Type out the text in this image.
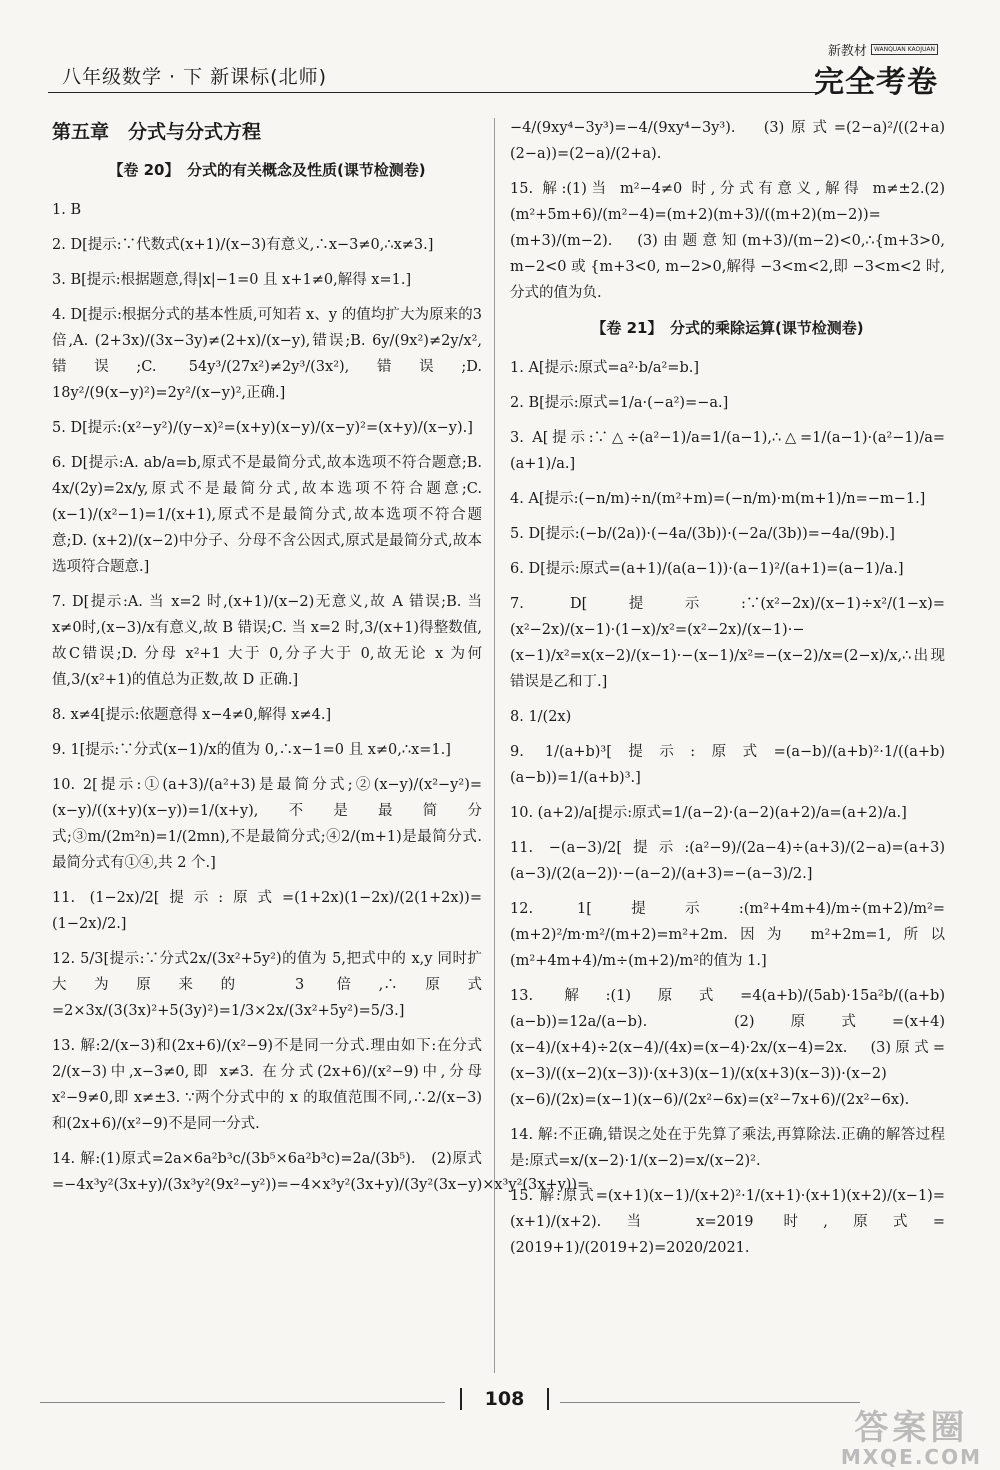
八年级数学 · 下 新课标(北师)
新教材	WANQUAN KAOJUAN
完全考卷
第五章　分式与分式方程
【卷 20】　分式的有关概念及性质(课节检测卷)
1. B
2. D[提示:∵代数式(x+1)/(x−3)有意义,∴x−3≠0,∴x≠3.]
3. B[提示:根据题意,得|x|−1=0 且 x+1≠0,解得 x=1.]
4. D[提示:根据分式的基本性质,可知若 x、y 的值均扩大为原来的3倍,A. (2+3x)/(3x−3y)≠(2+x)/(x−y),错误;B. 6y/(9x²)≠2y/x²,错误;C. 54y³/(27x²)≠2y³/(3x²),错误;D. 18y²/(9(x−y)²)=2y²/(x−y)²,正确.]
5. D[提示:(x²−y²)/(y−x)²=(x+y)(x−y)/(x−y)²=(x+y)/(x−y).]
6. D[提示:A. ab/a=b,原式不是最简分式,故本选项不符合题意;B. 4x/(2y)=2x/y,原式不是最简分式,故本选项不符合题意;C. (x−1)/(x²−1)=1/(x+1),原式不是最简分式,故本选项不符合题意;D. (x+2)/(x−2)中分子、分母不含公因式,原式是最简分式,故本选项符合题意.]
7. D[提示:A. 当 x=2 时,(x+1)/(x−2)无意义,故 A 错误;B. 当 x≠0时,(x−3)/x有意义,故 B 错误;C. 当 x=2 时,3/(x+1)得整数值,故C错误;D. 分母 x²+1 大于 0,分子大于 0,故无论 x 为何值,3/(x²+1)的值总为正数,故 D 正确.]
8. x≠4[提示:依题意得 x−4≠0,解得 x≠4.]
9. 1[提示:∵分式(x−1)/x的值为 0,∴x−1=0 且 x≠0,∴x=1.]
10. 2[提示:①(a+3)/(a²+3)是最简分式;②(x−y)/(x²−y²)=(x−y)/((x+y)(x−y))=1/(x+y),不是最简分式;③m/(2m²n)=1/(2mn),不是最简分式;④2/(m+1)是最简分式.最简分式有①④,共 2 个.]
11. (1−2x)/2[提示:原式=(1+2x)(1−2x)/(2(1+2x))=(1−2x)/2.]
12. 5/3[提示:∵分式2x/(3x²+5y²)的值为 5,把式中的 x,y 同时扩大为原来的 3 倍,∴原式=2×3x/(3(3x)²+5(3y)²)=1/3×2x/(3x²+5y²)=5/3.]
13. 解:2/(x−3)和(2x+6)/(x²−9)不是同一分式.理由如下:在分式2/(x−3)中,x−3≠0,即 x≠3. 在分式(2x+6)/(x²−9)中,分母 x²−9≠0,即 x≠±3. ∵两个分式中的 x 的取值范围不同,∴2/(x−3)和(2x+6)/(x²−9)不是同一分式.
14. 解:(1)原式=2a×6a²b³c/(3b⁵×6a²b³c)=2a/(3b⁵).　(2)原式=−4x³y²(3x+y)/(3x³y²(9x²−y²))=−4×x³y²(3x+y)/(3y²(3x−y)×x³y²(3x+y))=
−4/(9xy⁴−3y³)=−4/(9xy⁴−3y³).　(3)原式=(2−a)²/((2+a)(2−a))=(2−a)/(2+a).
15. 解:(1)当 m²−4≠0 时,分式有意义,解得 m≠±2.(2)(m²+5m+6)/(m²−4)=(m+2)(m+3)/((m+2)(m−2))=(m+3)/(m−2).　(3)由题意知(m+3)/(m−2)<0,∴{m+3>0, m−2<0 或 {m+3<0, m−2>0,解得 −3<m<2,即 −3<m<2 时,分式的值为负.
【卷 21】　分式的乘除运算(课节检测卷)
1. A[提示:原式=a²·b/a²=b.]
2. B[提示:原式=1/a·(−a²)=−a.]
3. A[提示:∵△÷(a²−1)/a=1/(a−1),∴△=1/(a−1)·(a²−1)/a=(a+1)/a.]
4. A[提示:(−n/m)÷n/(m²+m)=(−n/m)·m(m+1)/n=−m−1.]
5. D[提示:(−b/(2a))·(−4a/(3b))·(−2a/(3b))=−4a/(9b).]
6. D[提示:原式=(a+1)/(a(a−1))·(a−1)²/(a+1)=(a−1)/a.]
7. D[提示:∵(x²−2x)/(x−1)÷x²/(1−x)=(x²−2x)/(x−1)·(1−x)/x²=(x²−2x)/(x−1)·−(x−1)/x²=x(x−2)/(x−1)·−(x−1)/x²=−(x−2)/x=(2−x)/x,∴出现错误是乙和丁.]
8. 1/(2x)
9. 1/(a+b)³[提示:原式=(a−b)/(a+b)²·1/((a+b)(a−b))=1/(a+b)³.]
10. (a+2)/a[提示:原式=1/(a−2)·(a−2)(a+2)/a=(a+2)/a.]
11. −(a−3)/2[提示:(a²−9)/(2a−4)÷(a+3)/(2−a)=(a+3)(a−3)/(2(a−2))·−(a−2)/(a+3)=−(a−3)/2.]
12. 1[提示:(m²+4m+4)/m÷(m+2)/m²=(m+2)²/m·m²/(m+2)=m²+2m.因为 m²+2m=1,所以(m²+4m+4)/m÷(m+2)/m²的值为 1.]
13. 解:(1)原式=4(a+b)/(5ab)·15a²b/((a+b)(a−b))=12a/(a−b).　(2)原式=(x+4)(x−4)/(x+4)÷2(x−4)/(4x)=(x−4)·2x/(x−4)=2x.　(3)原式=(x−3)/((x−2)(x−3))·(x+3)(x−1)/(x(x+3)(x−3))·(x−2)(x−6)/(2x)=(x−1)(x−6)/(2x²−6x)=(x²−7x+6)/(2x²−6x).
14. 解:不正确,错误之处在于先算了乘法,再算除法.正确的解答过程是:原式=x/(x−2)·1/(x−2)=x/(x−2)².
15. 解:原式=(x+1)(x−1)/(x+2)²·1/(x+1)·(x+1)(x+2)/(x−1)=(x+1)/(x+2).当 x=2019 时,原式=(2019+1)/(2019+2)=2020/2021.
108
答案圈
MXQE.COM
